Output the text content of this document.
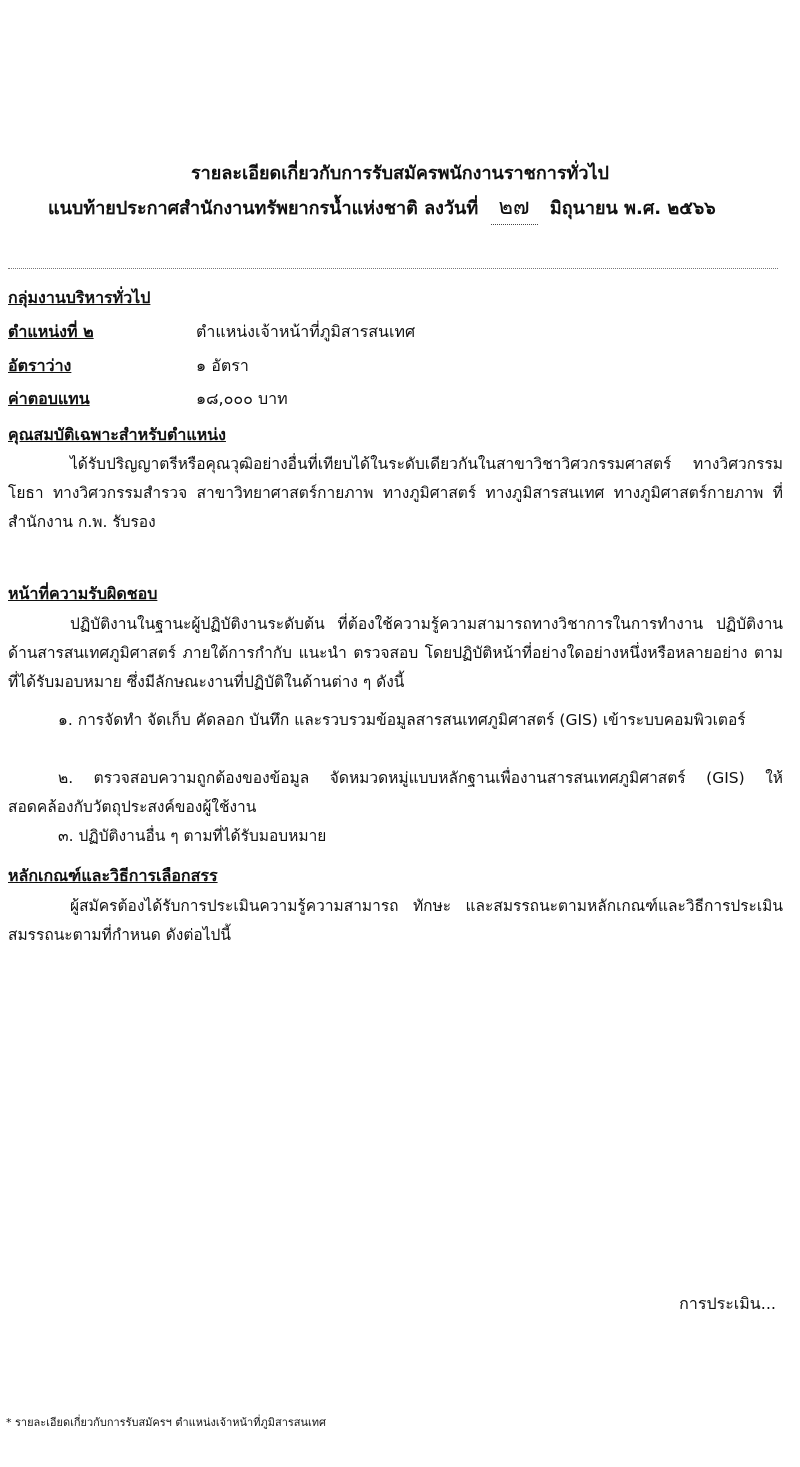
รายละเอียดเกี่ยวกับการรับสมัครพนักงานราชการทั่วไป
แนบท้ายประกาศสำนักงานทรัพยากรน้ำแห่งชาติ ลงวันที่ ๒๗ มิถุนายน พ.ศ. ๒๕๖๖
กลุ่มงานบริหารทั่วไป
ตำแหน่งที่ ๒	ตำแหน่งเจ้าหน้าที่ภูมิสารสนเทศ
อัตราว่าง	๑ อัตรา
ค่าตอบแทน	๑๘,๐๐๐ บาท
คุณสมบัติเฉพาะสำหรับตำแหน่ง
ได้รับปริญญาตรีหรือคุณวุฒิอย่างอื่นที่เทียบได้ในระดับเดียวกันในสาขาวิชาวิศวกรรมศาสตร์ ทางวิศวกรรมโยธา ทางวิศวกรรมสำรวจ สาขาวิทยาศาสตร์กายภาพ ทางภูมิศาสตร์ ทางภูมิสารสนเทศ ทางภูมิศาสตร์กายภาพ ที่สำนักงาน ก.พ. รับรอง
หน้าที่ความรับผิดชอบ
ปฏิบัติงานในฐานะผู้ปฏิบัติงานระดับต้น ที่ต้องใช้ความรู้ความสามารถทางวิชาการในการทำงาน ปฏิบัติงานด้านสารสนเทศภูมิศาสตร์ ภายใต้การกำกับ แนะนำ ตรวจสอบ โดยปฏิบัติหน้าที่อย่างใดอย่างหนึ่งหรือหลายอย่าง ตามที่ได้รับมอบหมาย ซึ่งมีลักษณะงานที่ปฏิบัติในด้านต่าง ๆ ดังนี้
๑. การจัดทำ จัดเก็บ คัดลอก บันทึก และรวบรวมข้อมูลสารสนเทศภูมิศาสตร์ (GIS) เข้าระบบคอมพิวเตอร์
๒. ตรวจสอบความถูกต้องของข้อมูล จัดหมวดหมู่แบบหลักฐานเพื่องานสารสนเทศภูมิศาสตร์ (GIS) ให้สอดคล้องกับวัตถุประสงค์ของผู้ใช้งาน
๓. ปฏิบัติงานอื่น ๆ ตามที่ได้รับมอบหมาย
หลักเกณฑ์และวิธีการเลือกสรร
ผู้สมัครต้องได้รับการประเมินความรู้ความสามารถ ทักษะ และสมรรถนะตามหลักเกณฑ์และวิธีการประเมินสมรรถนะตามที่กำหนด ดังต่อไปนี้
การประเมิน...
* รายละเอียดเกี่ยวกับการรับสมัครฯ ตำแหน่งเจ้าหน้าที่ภูมิสารสนเทศ
